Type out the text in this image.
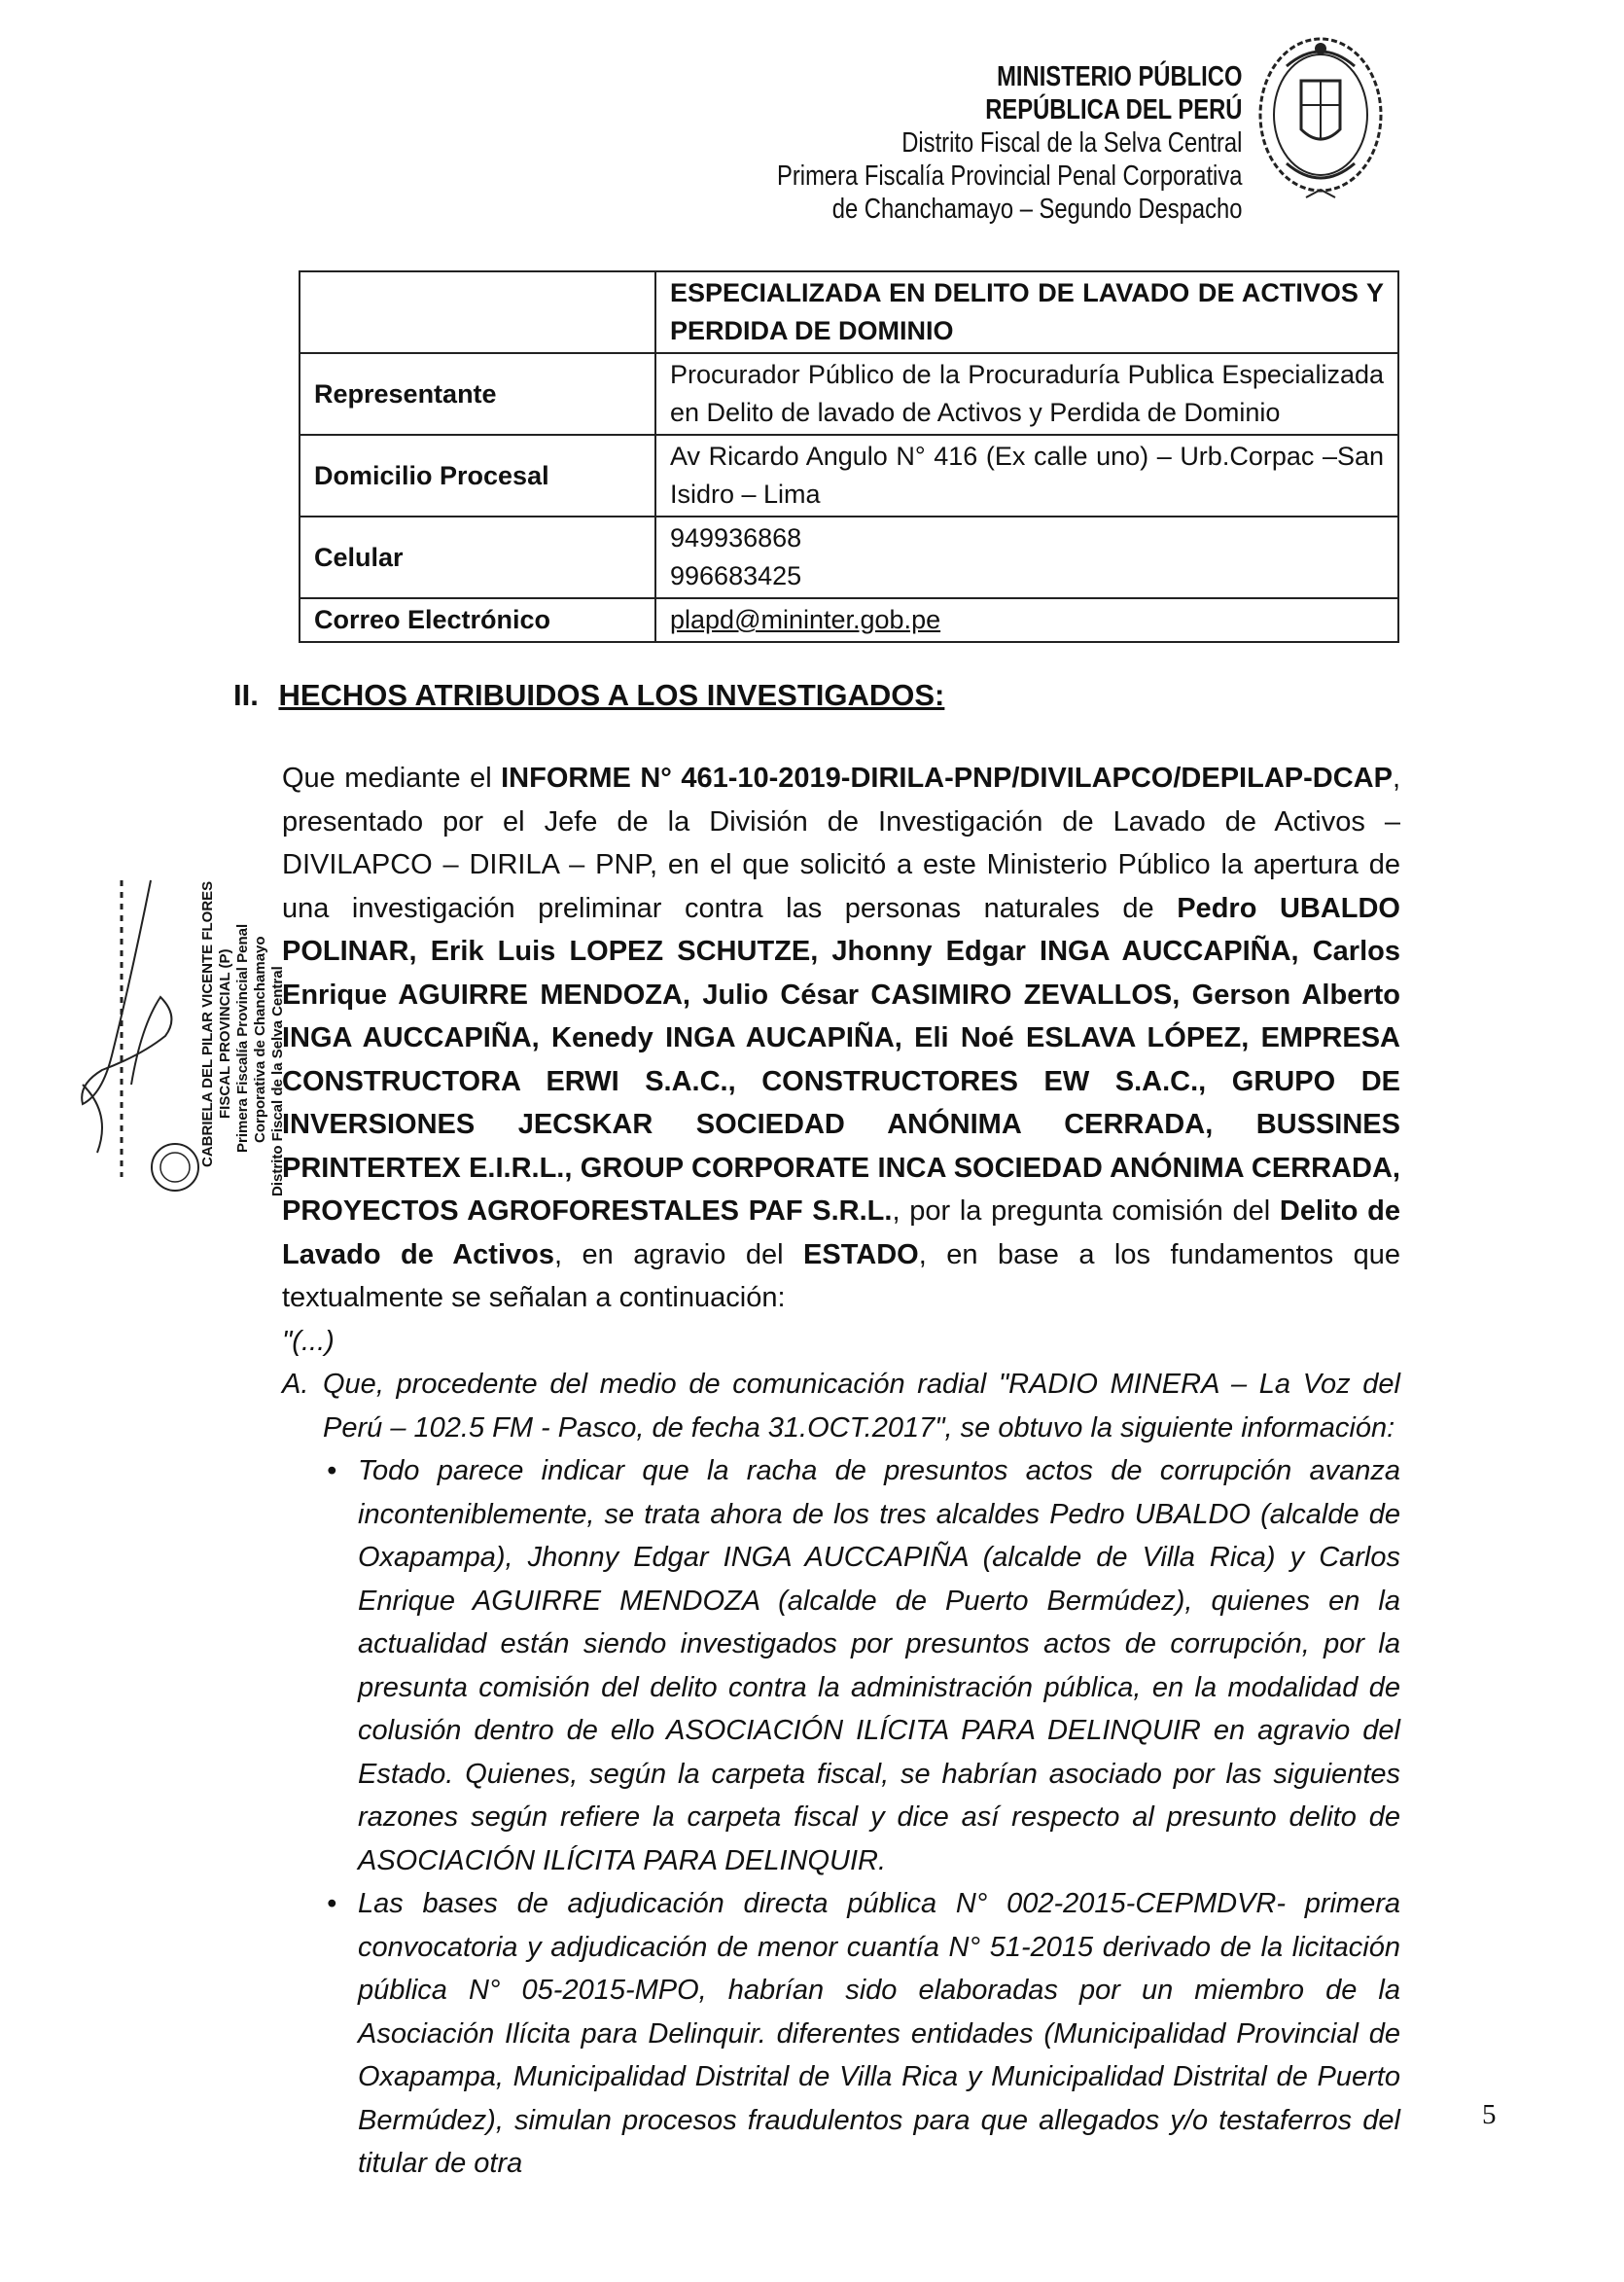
MINISTERIO PÚBLICO
REPÚBLICA DEL PERÚ
Distrito Fiscal de la Selva Central
Primera Fiscalía Provincial Penal Corporativa
de Chanchamayo – Segundo Despacho
	ESPECIALIZADA EN DELITO DE LAVADO DE ACTIVOS Y PERDIDA DE DOMINIO
Representante	Procurador Público de la Procuraduría Publica Especializada en Delito de lavado de Activos y Perdida de Dominio
Domicilio Procesal	Av Ricardo Angulo N° 416 (Ex calle uno) – Urb.Corpac –San Isidro – Lima
Celular	949936868
996683425

Correo Electrónico	plapd@mininter.gob.pe
II. HECHOS ATRIBUIDOS A LOS INVESTIGADOS:

Que mediante el INFORME N° 461-10-2019-DIRILA-PNP/DIVILAPCO/DEPILAP-DCAP, presentado por el Jefe de la División de Investigación de Lavado de Activos – DIVILAPCO – DIRILA – PNP, en el que solicitó a este Ministerio Público la apertura de una investigación preliminar contra las personas naturales de Pedro UBALDO POLINAR, Erik Luis LOPEZ SCHUTZE, Jhonny Edgar INGA AUCCAPIÑA, Carlos Enrique AGUIRRE MENDOZA, Julio César CASIMIRO ZEVALLOS, Gerson Alberto INGA AUCCAPIÑA, Kenedy INGA AUCAPIÑA, Eli Noé ESLAVA LÓPEZ, EMPRESA CONSTRUCTORA ERWI S.A.C., CONSTRUCTORES EW S.A.C., GRUPO DE INVERSIONES JECSKAR SOCIEDAD ANÓNIMA CERRADA, BUSSINES PRINTERTEX E.I.R.L., GROUP CORPORATE INCA SOCIEDAD ANÓNIMA CERRADA, PROYECTOS AGROFORESTALES PAF S.R.L., por la pregunta comisión del Delito de Lavado de Activos, en agravio del ESTADO, en base a los fundamentos que textualmente se señalan a continuación:

"(...)

A. Que, procedente del medio de comunicación radial "RADIO MINERA – La Voz del Perú – 102.5 FM - Pasco, de fecha 31.OCT.2017", se obtuvo la siguiente información:

• Todo parece indicar que la racha de presuntos actos de corrupción avanza inconteniblemente, se trata ahora de los tres alcaldes Pedro UBALDO (alcalde de Oxapampa), Jhonny Edgar INGA AUCCAPIÑA (alcalde de Villa Rica) y Carlos Enrique AGUIRRE MENDOZA (alcalde de Puerto Bermúdez), quienes en la actualidad están siendo investigados por presuntos actos de corrupción, por la presunta comisión del delito contra la administración pública, en la modalidad de colusión dentro de ello ASOCIACIÓN ILÍCITA PARA DELINQUIR en agravio del Estado. Quienes, según la carpeta fiscal, se habrían asociado por las siguientes razones según refiere la carpeta fiscal y dice así respecto al presunto delito de ASOCIACIÓN ILÍCITA PARA DELINQUIR.

• Las bases de adjudicación directa pública N° 002-2015-CEPMDVR- primera convocatoria y adjudicación de menor cuantía N° 51-2015 derivado de la licitación pública N° 05-2015-MPO, habrían sido elaboradas por un miembro de la Asociación Ilícita para Delinquir. diferentes entidades (Municipalidad Provincial de Oxapampa, Municipalidad Distrital de Villa Rica y Municipalidad Distrital de Puerto Bermúdez), simulan procesos fraudulentos para que allegados y/o testaferros del titular de otra

CABRIELA DEL PILAR VICENTE FLORES FISCAL PROVINCIAL (P) Primera Fiscalía Provincial Penal Corporativa de Chanchamayo Distrito Fiscal de la Selva Central
5
